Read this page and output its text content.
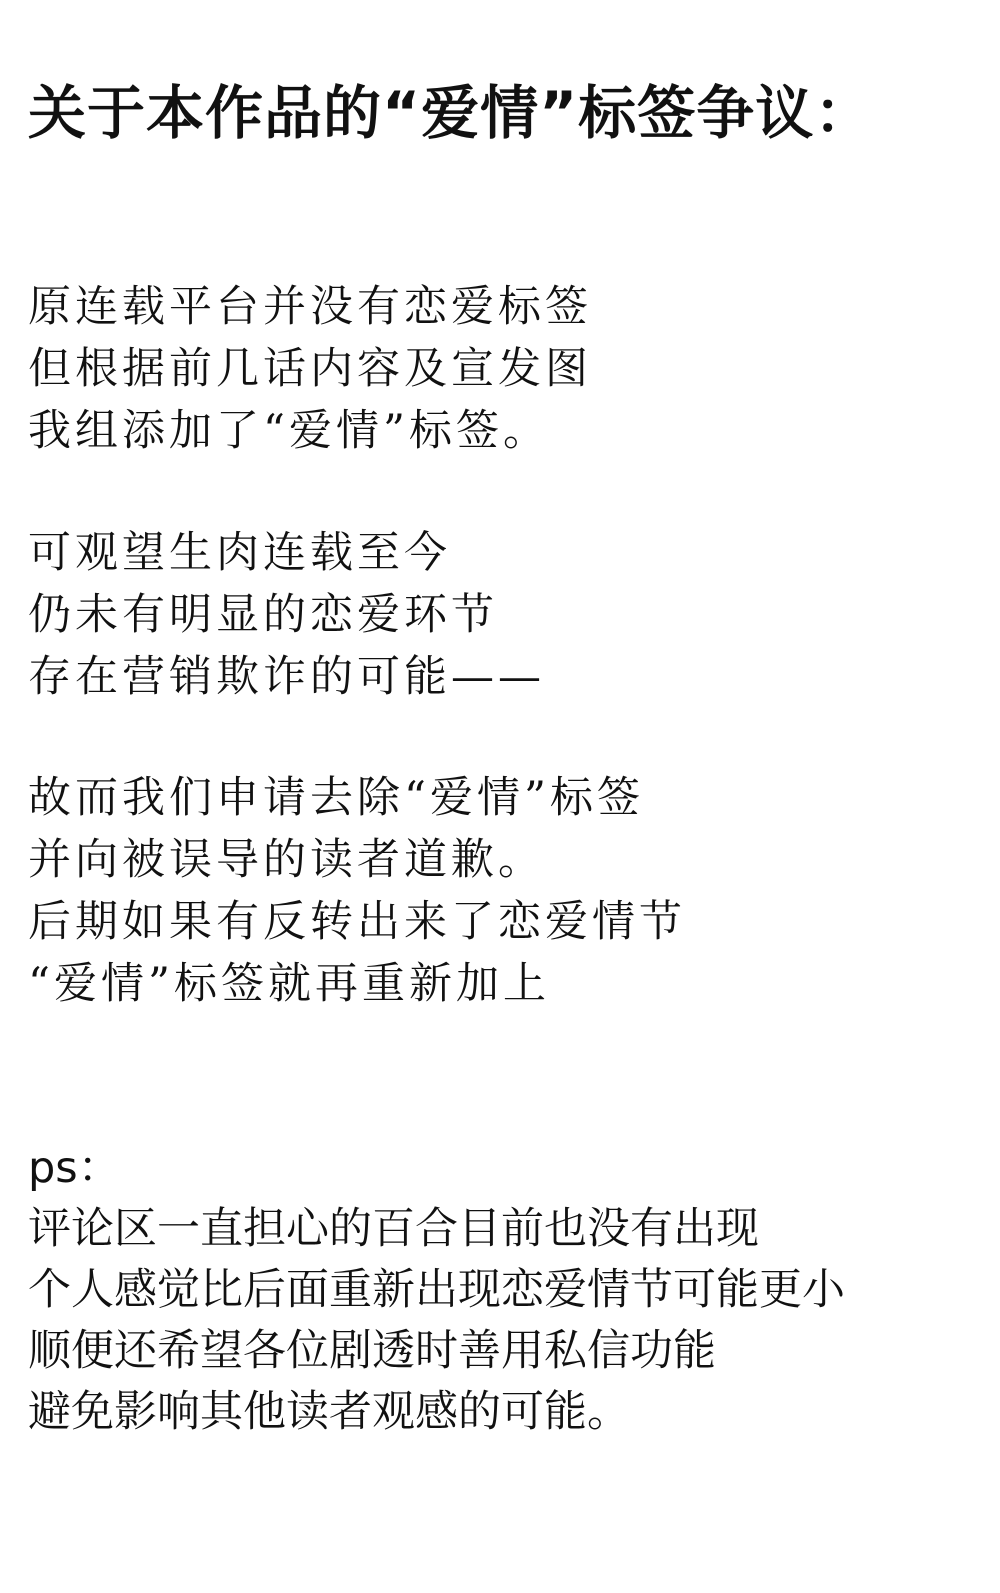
关于本作品的“爱情”标签争议：
原连载平台并没有恋爱标签
但根据前几话内容及宣发图
我组添加了“爱情”标签。
可观望生肉连载至今
仍未有明显的恋爱环节
存在营销欺诈的可能——
故而我们申请去除“爱情”标签
并向被误导的读者道歉。
后期如果有反转出来了恋爱情节
“爱情”标签就再重新加上
ps：
评论区一直担心的百合目前也没有出现
个人感觉比后面重新出现恋爱情节可能更小
顺便还希望各位剧透时善用私信功能
避免影响其他读者观感的可能。
